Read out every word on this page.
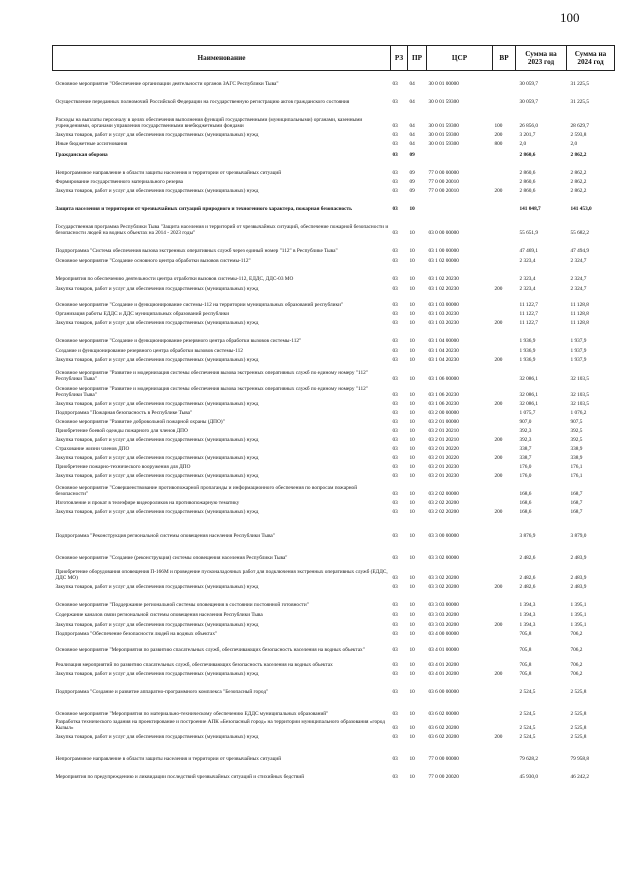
100
Наименование	РЗ	ПР	ЦСР	ВР	Сумма на 2023 год	Сумма на 2024 год
Основное мероприятие "Обеспечение организации деятельности органов ЗАГС Республики Тыва"	03	04	30 0 01 00000		30 059,7	31 225,5
Осуществление переданных полномочий Российской Федерации на государственную регистрацию актов гражданского состояния	03	04	30 0 01 59300		30 059,7	31 225,5
Расходы на выплаты персоналу в целях обеспечения выполнения функций государственными (муниципальными) органами, казенными учреждениями, органами управления государственными внебюджетными фондами	03	04	30 0 01 59300	100	26 856,0	28 629,7
Закупка товаров, работ и услуг для обеспечения государственных (муниципальных) нужд	03	04	30 0 01 59300	200	3 201,7	2 593,8
Иные бюджетные ассигнования	03	04	30 0 01 59300	800	2,0	2,0
Гражданская оборона	03	09			2 860,6	2 862,2
Непрограммное направление в области защиты населения и территории от чрезвычайных ситуаций	03	09	77 0 00 00000		2 860,6	2 862,2
Формирование государственного материального резерва	03	09	77 0 00 20010		2 860,6	2 862,2
Закупка товаров, работ и услуг для обеспечения государственных (муниципальных) нужд	03	09	77 0 00 20010	200	2 860,6	2 862,2
Защита населения и территории от чрезвычайных ситуаций природного и техногенного характера, пожарная безопасность	03	10			141 048,7	141 453,0
Государственная программа Республики Тыва "Защита населения и территорий от чрезвычайных ситуаций, обеспечение пожарной безопасности и безопасности людей на водных объектах на 2014 - 2023 годы"	03	10	03 0 00 00000		55 651,9	55 682,2
Подпрограмма "Система обеспечения вызова экстренных оперативных служб через единый номер "112" в Республике Тыва"	03	10	03 1 00 00000		47 469,1	47 494,9
Основное мероприятие "Создание основного центра обработки вызовов системы-112"	03	10	03 1 02 00000		2 323,4	2 324,7
Мероприятия по обеспечению деятельности центра отработки вызовов системы-112, ЕДДС, ДДС-03 МО	03	10	03 1 02 20230		2 323,4	2 324,7
Закупка товаров, работ и услуг для обеспечения государственных (муниципальных) нужд	03	10	03 1 02 20230	200	2 323,4	2 324,7
Основное мероприятие "Создание и функционирование системы-112 на территории муниципальных образований республики"	03	10	03 1 03 00000		11 122,7	11 128,8
Организация работы ЕДДС и ДДС муниципальных образований республики	03	10	03 1 03 20230		11 122,7	11 128,8
Закупка товаров, работ и услуг для обеспечения государственных (муниципальных) нужд	03	10	03 1 03 20230	200	11 122,7	11 128,8
Основное мероприятие "Создание и функционирование резервного центра обработки вызовов системы-112"	03	10	03 1 04 00000		1 936,9	1 937,9
Создание и функционирование резервного центра обработки вызовов системы-112	03	10	03 1 04 20230		1 936,9	1 937,9
Закупка товаров, работ и услуг для обеспечения государственных (муниципальных) нужд	03	10	03 1 04 20230	200	1 936,9	1 937,9
Основное мероприятие "Развитие и модернизация системы обеспечения вызова экстренных оперативных служб по единому номеру "112" Республики Тыва"	03	10	03 1 06 00000		32 086,1	32 103,5
Основное мероприятие "Развитие и модернизация системы обеспечения вызова экстренных оперативных служб по единому номеру "112" Республики Тыва"	03	10	03 1 06 20230		32 086,1	32 103,5
Закупка товаров, работ и услуг для обеспечения государственных (муниципальных) нужд	03	10	03 1 06 20230	200	32 086,1	32 103,5
Подпрограмма "Пожарная безопасность в Республике Тыва"	03	10	03 2 00 00000		1 075,7	1 076,2
Основное мероприятие "Развитие добровольной пожарной охраны (ДПО)"	03	10	03 2 01 00000		907,0	907,5
Приобретение боевой одежды пожарного для членов ДПО	03	10	03 2 01 20210		392,3	392,5
Закупка товаров, работ и услуг для обеспечения государственных (муниципальных) нужд	03	10	03 2 01 20210	200	392,3	392,5
Страхование жизни членов ДПО	03	10	03 2 01 20220		338,7	338,9
Закупка товаров, работ и услуг для обеспечения государственных (муниципальных) нужд	03	10	03 2 01 20220	200	338,7	338,9
Приобретение пожарно-технического вооружения для ДПО	03	10	03 2 01 20230		176,0	176,1
Закупка товаров, работ и услуг для обеспечения государственных (муниципальных) нужд	03	10	03 2 01 20230	200	176,0	176,1
Основное мероприятие "Совершенствование противопожарной пропаганды и информационного обеспечения по вопросам пожарной безопасности"	03	10	03 2 02 00000		168,6	168,7
Изготовление и прокат в телеэфире видеороликов на противопожарную тематику	03	10	03 2 02 20200		168,6	168,7
Закупка товаров, работ и услуг для обеспечения государственных (муниципальных) нужд	03	10	03 2 02 20200	200	168,6	168,7
Подпрограмма "Реконструкция региональной системы оповещения населения Республики Тыва"	03	10	03 3 00 00000		3 876,9	3 879,0
Основное мероприятие "Создание (реконструкция) системы оповещения населения Республики Тыва"	03	10	03 3 02 00000		2 482,6	2 483,9
Приобретение оборудования оповещения П-166М и проведение пусконаладочных работ для подключения экстренных оперативных служб (ЕДДС, ДДС МО)	03	10	03 3 02 20200		2 482,6	2 483,9
Закупка товаров, работ и услуг для обеспечения государственных (муниципальных) нужд	03	10	03 3 02 20200	200	2 482,6	2 483,9
Основное мероприятие "Поддержание региональной системы оповещения в состоянии постоянной готовности"	03	10	03 3 03 00000		1 394,3	1 395,1
Содержание каналов связи региональной системы оповещения населения Республики Тыва	03	10	03 3 03 20200		1 394,3	1 395,1
Закупка товаров, работ и услуг для обеспечения государственных (муниципальных) нужд	03	10	03 3 03 20200	200	1 394,3	1 395,1
Подпрограмма "Обеспечение безопасности людей на водных объектах"	03	10	03 4 00 00000		705,8	706,2
Основное мероприятие "Мероприятия по развитию спасательных служб, обеспечивающих безопасность населения на водных объектах"	03	10	03 4 01 00000		705,8	706,2
Реализация мероприятий по развитию спасательных служб, обеспечивающих безопасность населения на водных объектах	03	10	03 4 01 20200		705,8	706,2
Закупка товаров, работ и услуг для обеспечения государственных (муниципальных) нужд	03	10	03 4 01 20200	200	705,8	706,2
Подпрограмма "Создание и развитие аппаратно-программного комплекса "Безопасный город"	03	10	03 6 00 00000		2 524,5	2 525,8
Основное мероприятие "Мероприятия по материально-техническому обеспечению ЕДДС муниципальных образований"	03	10	03 6 02 00000		2 524,5	2 525,8
Разработка технического задания на проектирование и построение АПК «Безопасный город» на территории муниципального образования «город Кызыл»	03	10	03 6 02 20200		2 524,5	2 525,8
Закупка товаров, работ и услуг для обеспечения государственных (муниципальных) нужд	03	10	03 6 02 20200	200	2 524,5	2 525,8
Непрограммное направление в области защиты населения и территории от чрезвычайных ситуаций	03	10	77 0 00 00000		79 628,2	79 958,8
Мероприятия по предупреждению и ликвидации последствий чрезвычайных ситуаций и стихийных бедствий	03	10	77 0 00 20020		45 930,0	46 242,2
